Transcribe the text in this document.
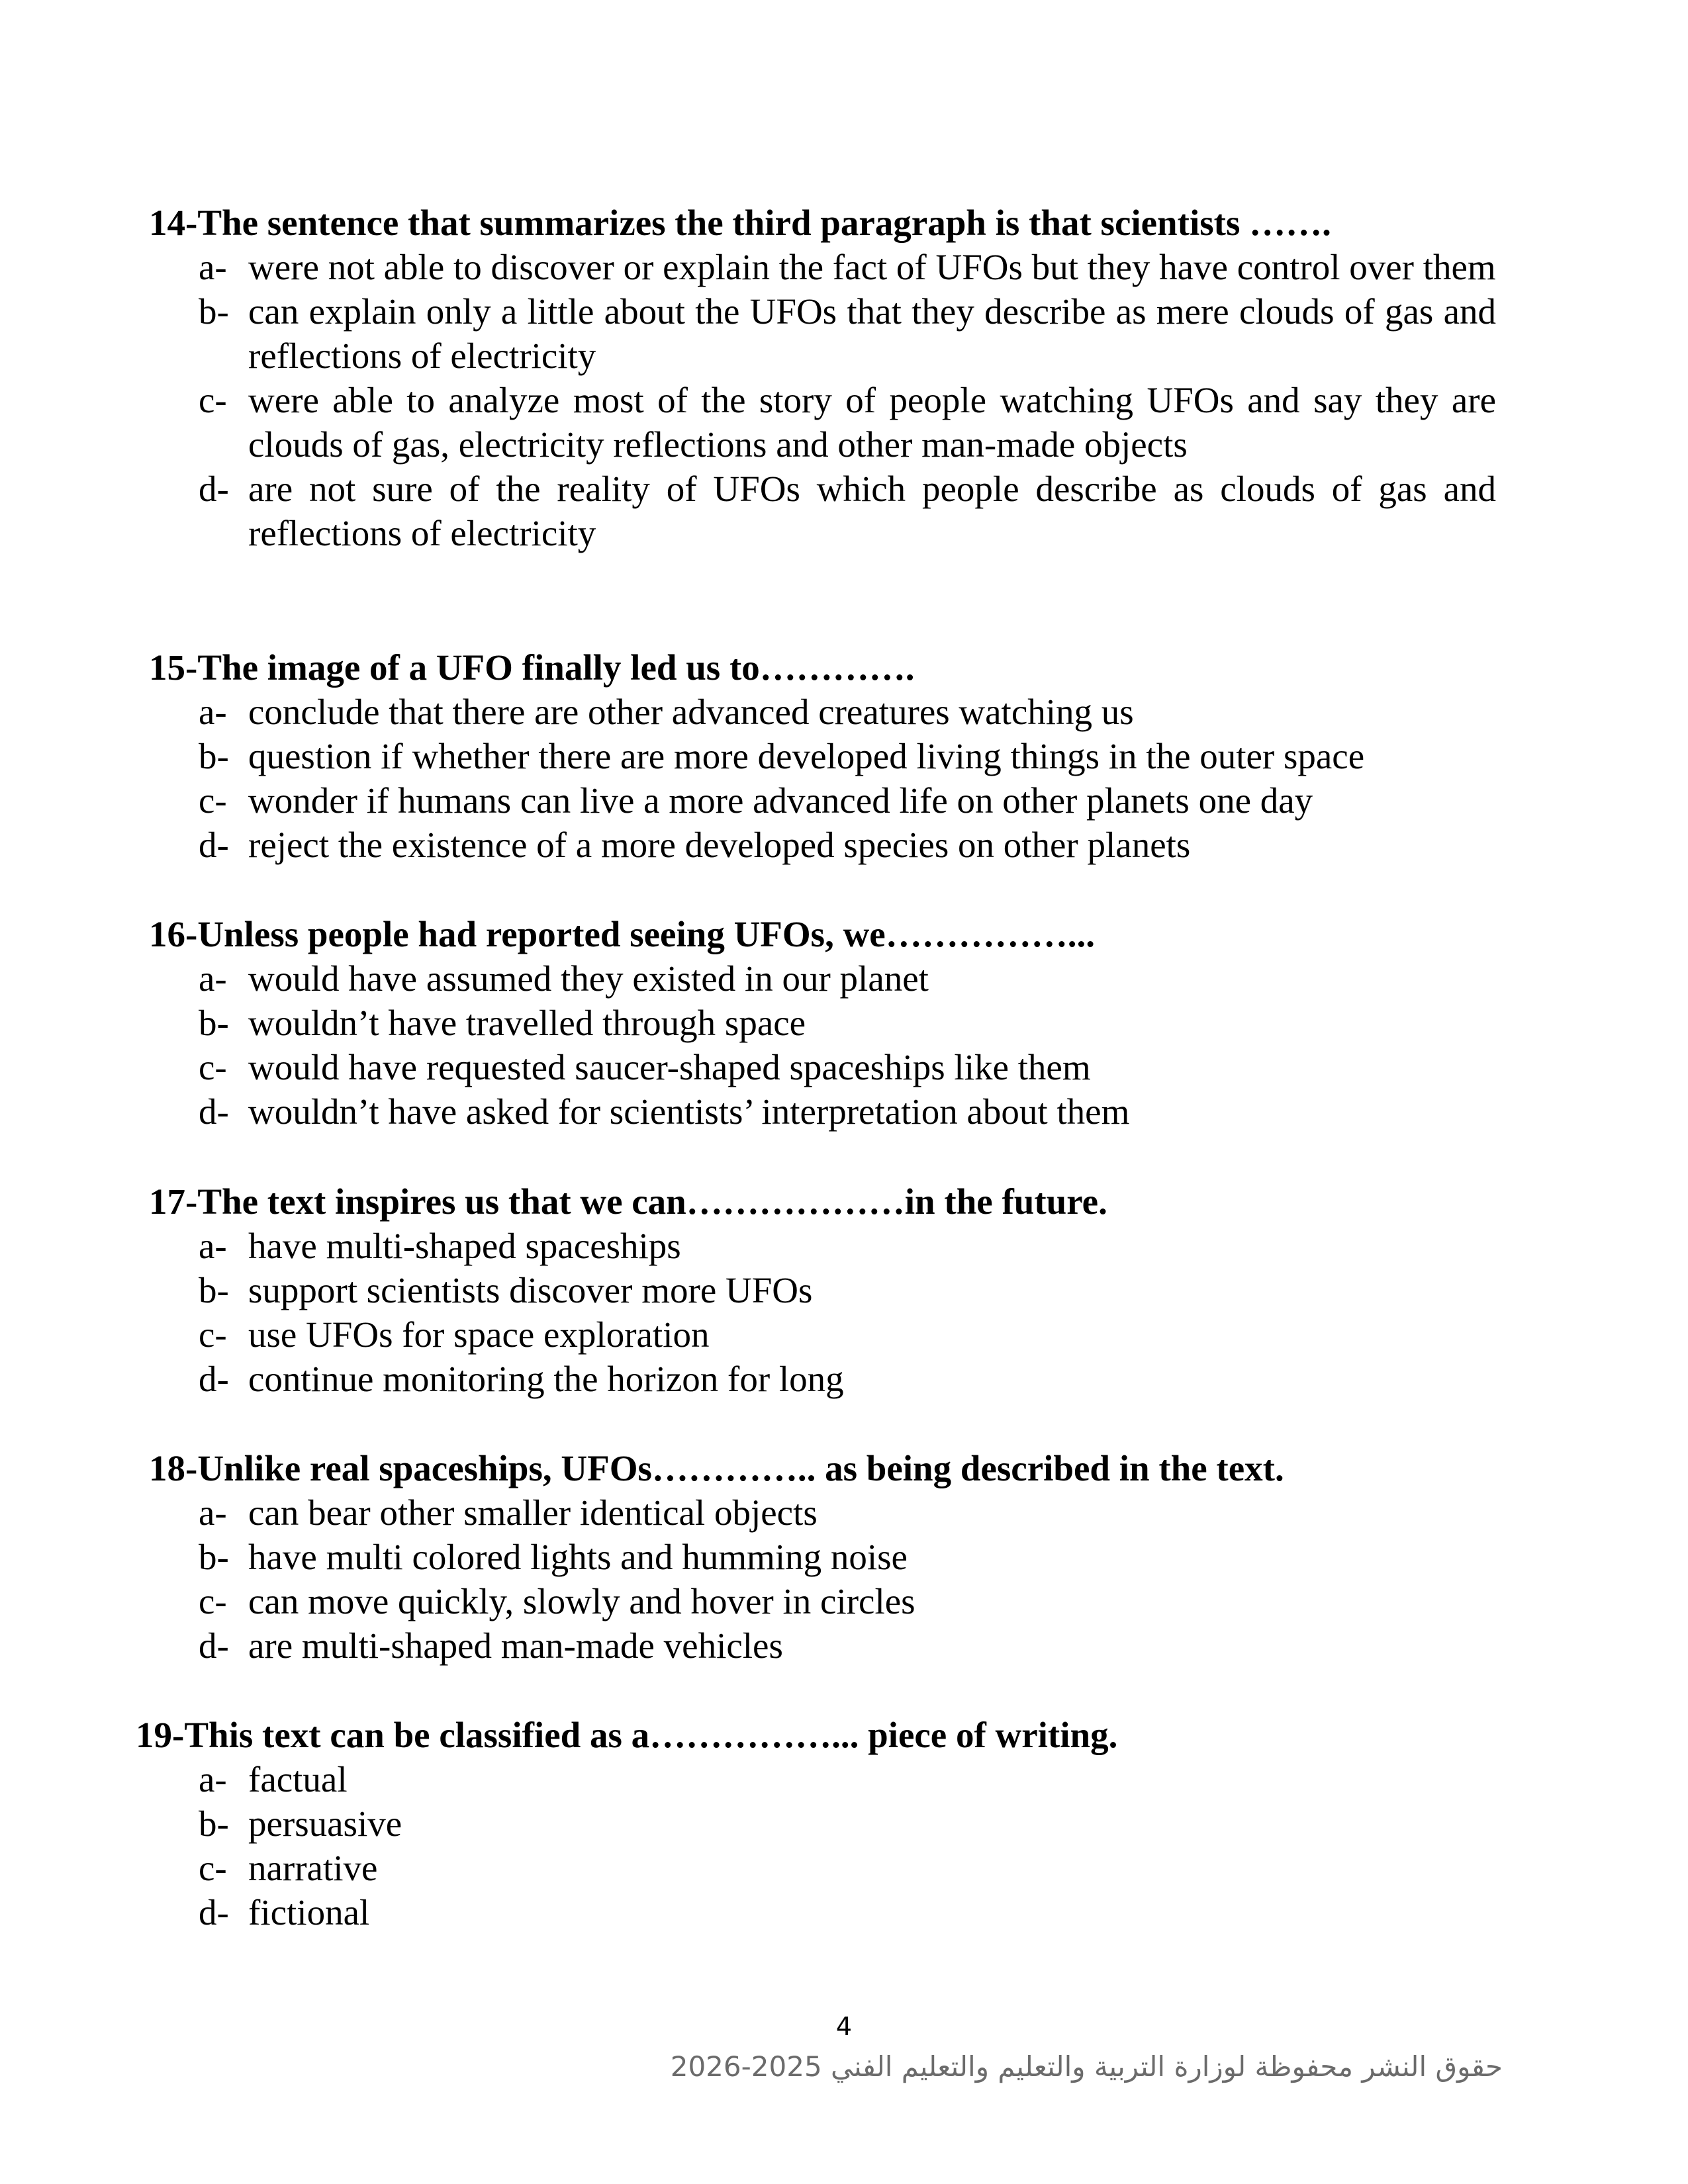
14-The sentence that summarizes the third paragraph is that scientists …….
a- were not able to discover or explain the fact of UFOs but they have control over them
b- can explain only a little about the UFOs that they describe as mere clouds of gas and reflections of electricity
c- were able to analyze most of the story of people watching UFOs and say they are clouds of gas, electricity reflections and other man-made objects
d- are not sure of the reality of UFOs which people describe as clouds of gas and reflections of electricity
15-The image of a UFO finally led us to………….
a- conclude that there are other advanced creatures watching us
b- question if whether there are more developed living things in the outer space
c- wonder if humans can live a more advanced life on other planets one day
d- reject the existence of a more developed species on other planets
16-Unless people had reported seeing UFOs, we……………...
a- would have assumed they existed in our planet
b- wouldn’t have travelled through space
c- would have requested saucer-shaped spaceships like them
d- wouldn’t have asked for scientists’ interpretation about them
17-The text inspires us that we can………………in the future.
a- have multi-shaped spaceships
b- support scientists discover more UFOs
c- use UFOs for space exploration
d- continue monitoring the horizon for long
18-Unlike real spaceships, UFOs………….. as being described in the text.
a- can bear other smaller identical objects
b- have multi colored lights and humming noise
c- can move quickly, slowly and hover in circles
d- are multi-shaped man-made vehicles
19-This text can be classified as a……………... piece of writing.
a- factual
b- persuasive
c- narrative
d- fictional
4
حقوق النشر محفوظة لوزارة التربية والتعليم والتعليم الفني 2025-2026
